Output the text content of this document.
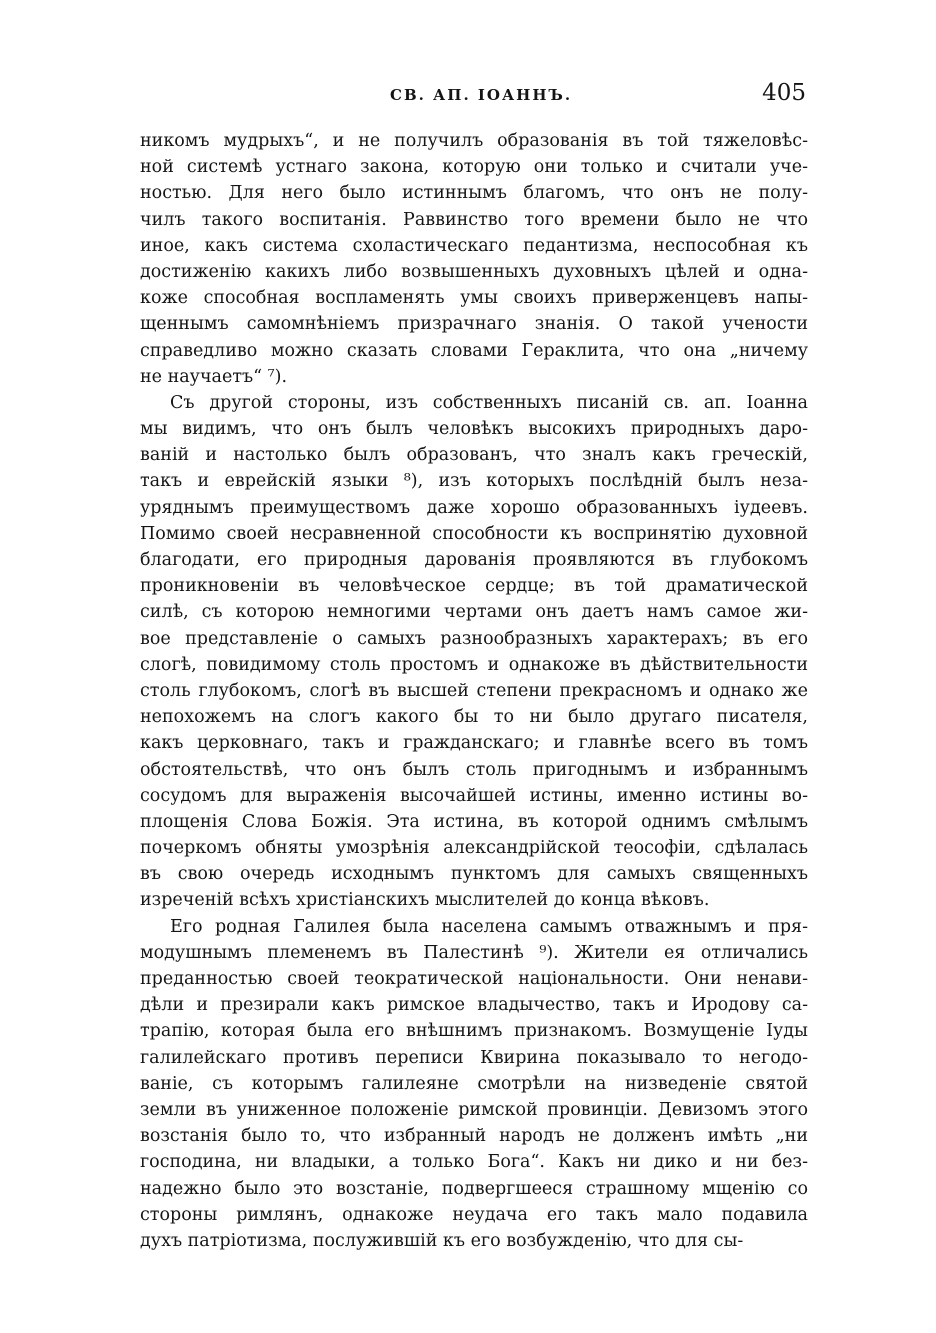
СВ. АП. ІОАННЪ.	405
никомъ мудрыхъ“, и не получилъ образованія въ той тяжеловѣс-
ной системѣ устнаго закона, которую они только и считали уче-
ностью. Для него было истиннымъ благомъ, что онъ не полу-
чилъ такого воспитанія. Раввинство того времени было не что
иное, какъ система схоластическаго педантизма, неспособная къ
достиженію какихъ либо возвышенныхъ духовныхъ цѣлей и однa-
коже способная воспламенять умы своихъ приверженцевъ напы-
щеннымъ самомнѣніемъ призрачнаго знанія. О такой учености
справедливо можно сказать словами Гераклита, что она „ничему
не научаетъ“ ⁷).
Съ другой стороны, изъ собственныхъ писаній св. ап. Іоанна
мы видимъ, что онъ былъ человѣкъ высокихъ природныхъ даро-
ваній и настолько былъ образованъ, что зналъ какъ греческій,
такъ и еврейскій языки ⁸), изъ которыхъ послѣдній былъ неза-
уряднымъ преимуществомъ даже хорошо образованныхъ іудеевъ.
Помимо своей несравненной способности къ воспринятію духовной
благодати, его природныя дарованія проявляются въ глубокомъ
проникновеніи въ человѣческое сердце; въ той драматической
силѣ, съ которою немногими чертами онъ даетъ намъ самое жи-
вое представленіе о самыхъ разнообразныхъ характерахъ; въ его
слогѣ, повидимому столь простомъ и однакоже въ дѣйствительности
столь глубокомъ, слогѣ въ высшей степени прекрасномъ и однако же
непохожемъ на слогъ какого бы то ни было другаго писателя,
какъ церковнаго, такъ и гражданскаго; и главнѣе всего въ томъ
обстоятельствѣ, что онъ былъ столь пригоднымъ и избраннымъ
сосудомъ для выраженія высочайшей истины, именно истины во-
площенія Слова Божія. Эта истина, въ которой однимъ смѣлымъ
почеркомъ обняты умозрѣнія александрійской теософіи, сдѣлалась
въ свою очередь исходнымъ пунктомъ для самыхъ священныхъ
изреченій всѣхъ христіанскихъ мыслителей до конца вѣковъ.
Его родная Галилея была населена самымъ отважнымъ и пря-
модушнымъ племенемъ въ Палестинѣ ⁹). Жители ея отличались
преданностью своей теократической національности. Они ненави-
дѣли и презирали какъ римское владычество, такъ и Иродову са-
трапію, которая была его внѣшнимъ признакомъ. Возмущеніе Іуды
галилейскаго противъ переписи Квирина показывало то негодо-
ваніе, съ которымъ галилеяне смотрѣли на низведеніе святой
земли въ униженное положеніе римской провинціи. Девизомъ этого
возстанія было то, что избранный народъ не долженъ имѣть „ни
господина, ни владыки, а только Бога“. Какъ ни дико и ни без-
надежно было это возстаніе, подвергшееся страшному мщенію со
стороны римлянъ, однакоже неудача его такъ мало подавила
духъ патріотизма, послужившій къ его возбужденію, что для сы-
